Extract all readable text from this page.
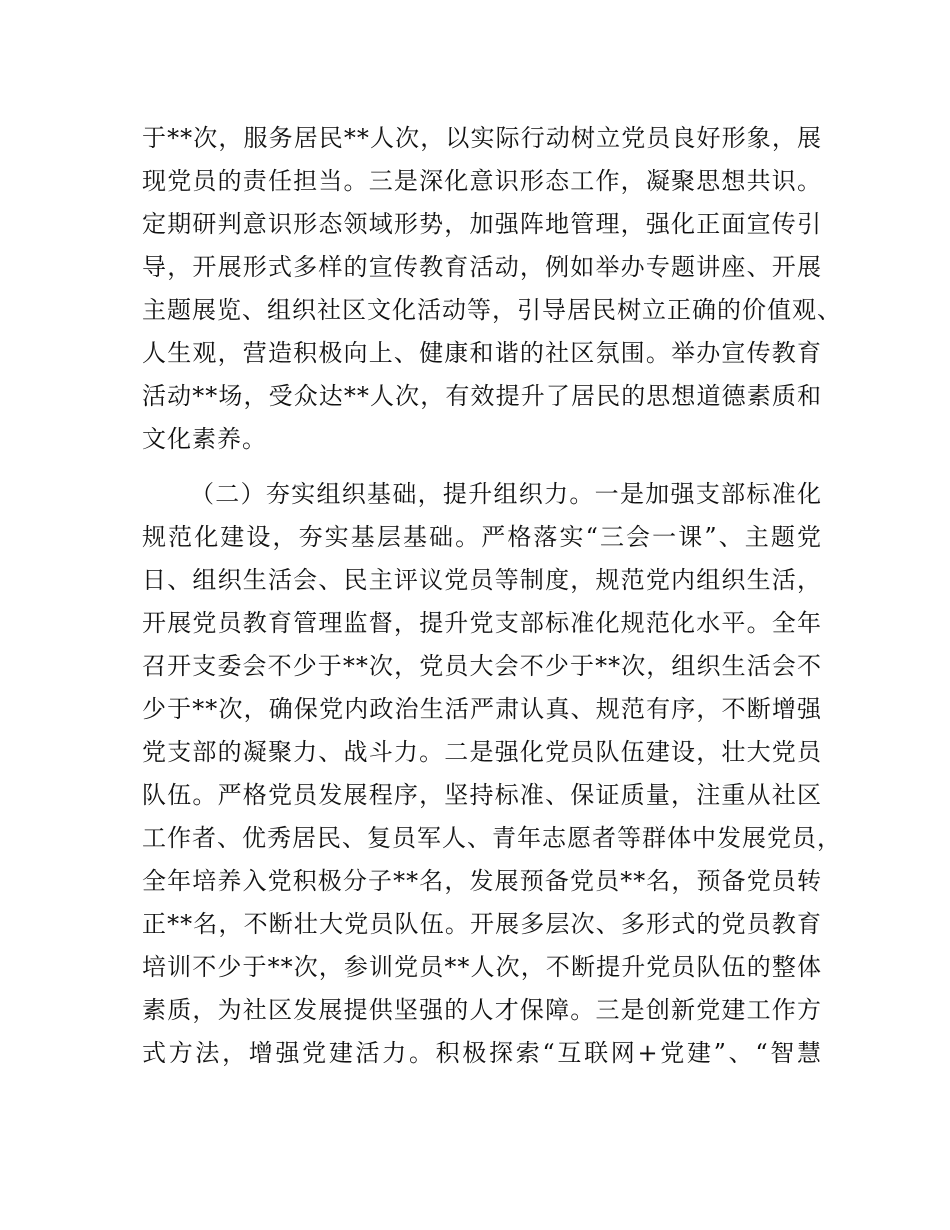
于**次，服务居民**人次，以实际行动树立党员良好形象，展
现党员的责任担当。三是深化意识形态工作，凝聚思想共识。
定期研判意识形态领域形势，加强阵地管理，强化正面宣传引
导，开展形式多样的宣传教育活动，例如举办专题讲座、开展
主题展览、组织社区文化活动等，引导居民树立正确的价值观、
人生观，营造积极向上、健康和谐的社区氛围。举办宣传教育
活动**场，受众达**人次，有效提升了居民的思想道德素质和
文化素养。
（二）夯实组织基础，提升组织力。一是加强支部标准化
规范化建设，夯实基层基础。严格落实“三会一课”、主题党
日、组织生活会、民主评议党员等制度，规范党内组织生活，
开展党员教育管理监督，提升党支部标准化规范化水平。全年
召开支委会不少于**次，党员大会不少于**次，组织生活会不
少于**次，确保党内政治生活严肃认真、规范有序，不断增强
党支部的凝聚力、战斗力。二是强化党员队伍建设，壮大党员
队伍。严格党员发展程序，坚持标准、保证质量，注重从社区
工作者、优秀居民、复员军人、青年志愿者等群体中发展党员，
全年培养入党积极分子**名，发展预备党员**名，预备党员转
正**名，不断壮大党员队伍。开展多层次、多形式的党员教育
培训不少于**次，参训党员**人次，不断提升党员队伍的整体
素质，为社区发展提供坚强的人才保障。三是创新党建工作方
式方法，增强党建活力。积极探索“互联网+党建”、“智慧
